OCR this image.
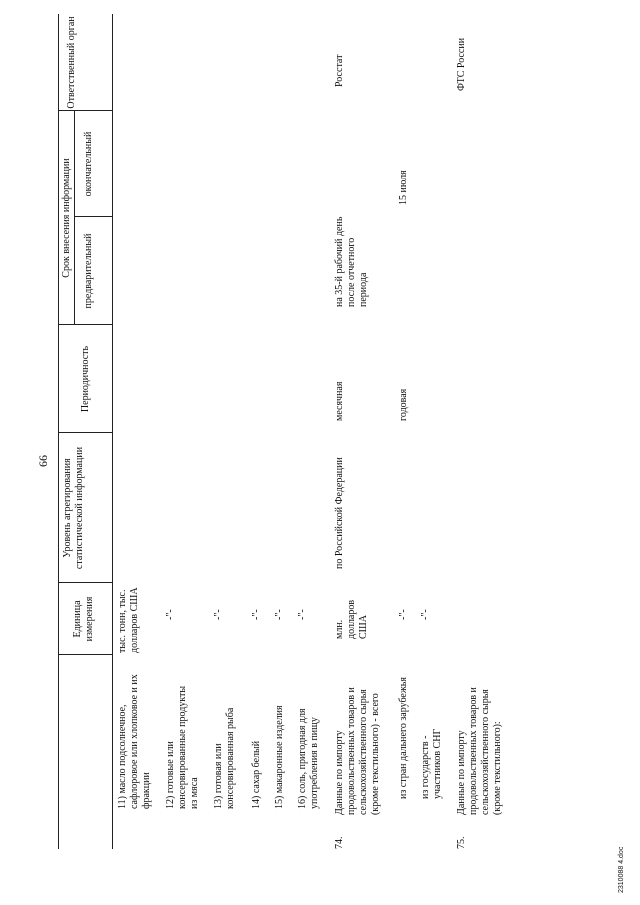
66
Единица измерения
Уровень агрегирования статистической информации
Периодичность
Срок внесения информации предварительный
окончательный
Ответственный орган
11) масло подсолнечное, сафлоровое или хлопковое и их фракции
тыс. тонн, тыс. долларов США
12) готовые или консервированные продукты из мяса
-"-
13) готовая или консервированная рыба
-"-
14) сахар белый
-"-
15) макаронные изделия
-"-
16) соль, пригодная для употребления в пищу
-"-
74.
Данные по импорту продовольственных товаров и сельскохозяйственного сырья (кроме текстильного) - всего
млн. долларов США
по Российской Федерации
месячная
на 35-й рабочий день после отчетного периода
Росстат
из стран дальнего зарубежья
-"-
годовая
15 июля
из государств - участников СНГ
-"-
75.
Данные по импорту продовольственных товаров и сельскохозяйственного сырья (кроме текстильного):
ФТС России
2310088 4.doc
